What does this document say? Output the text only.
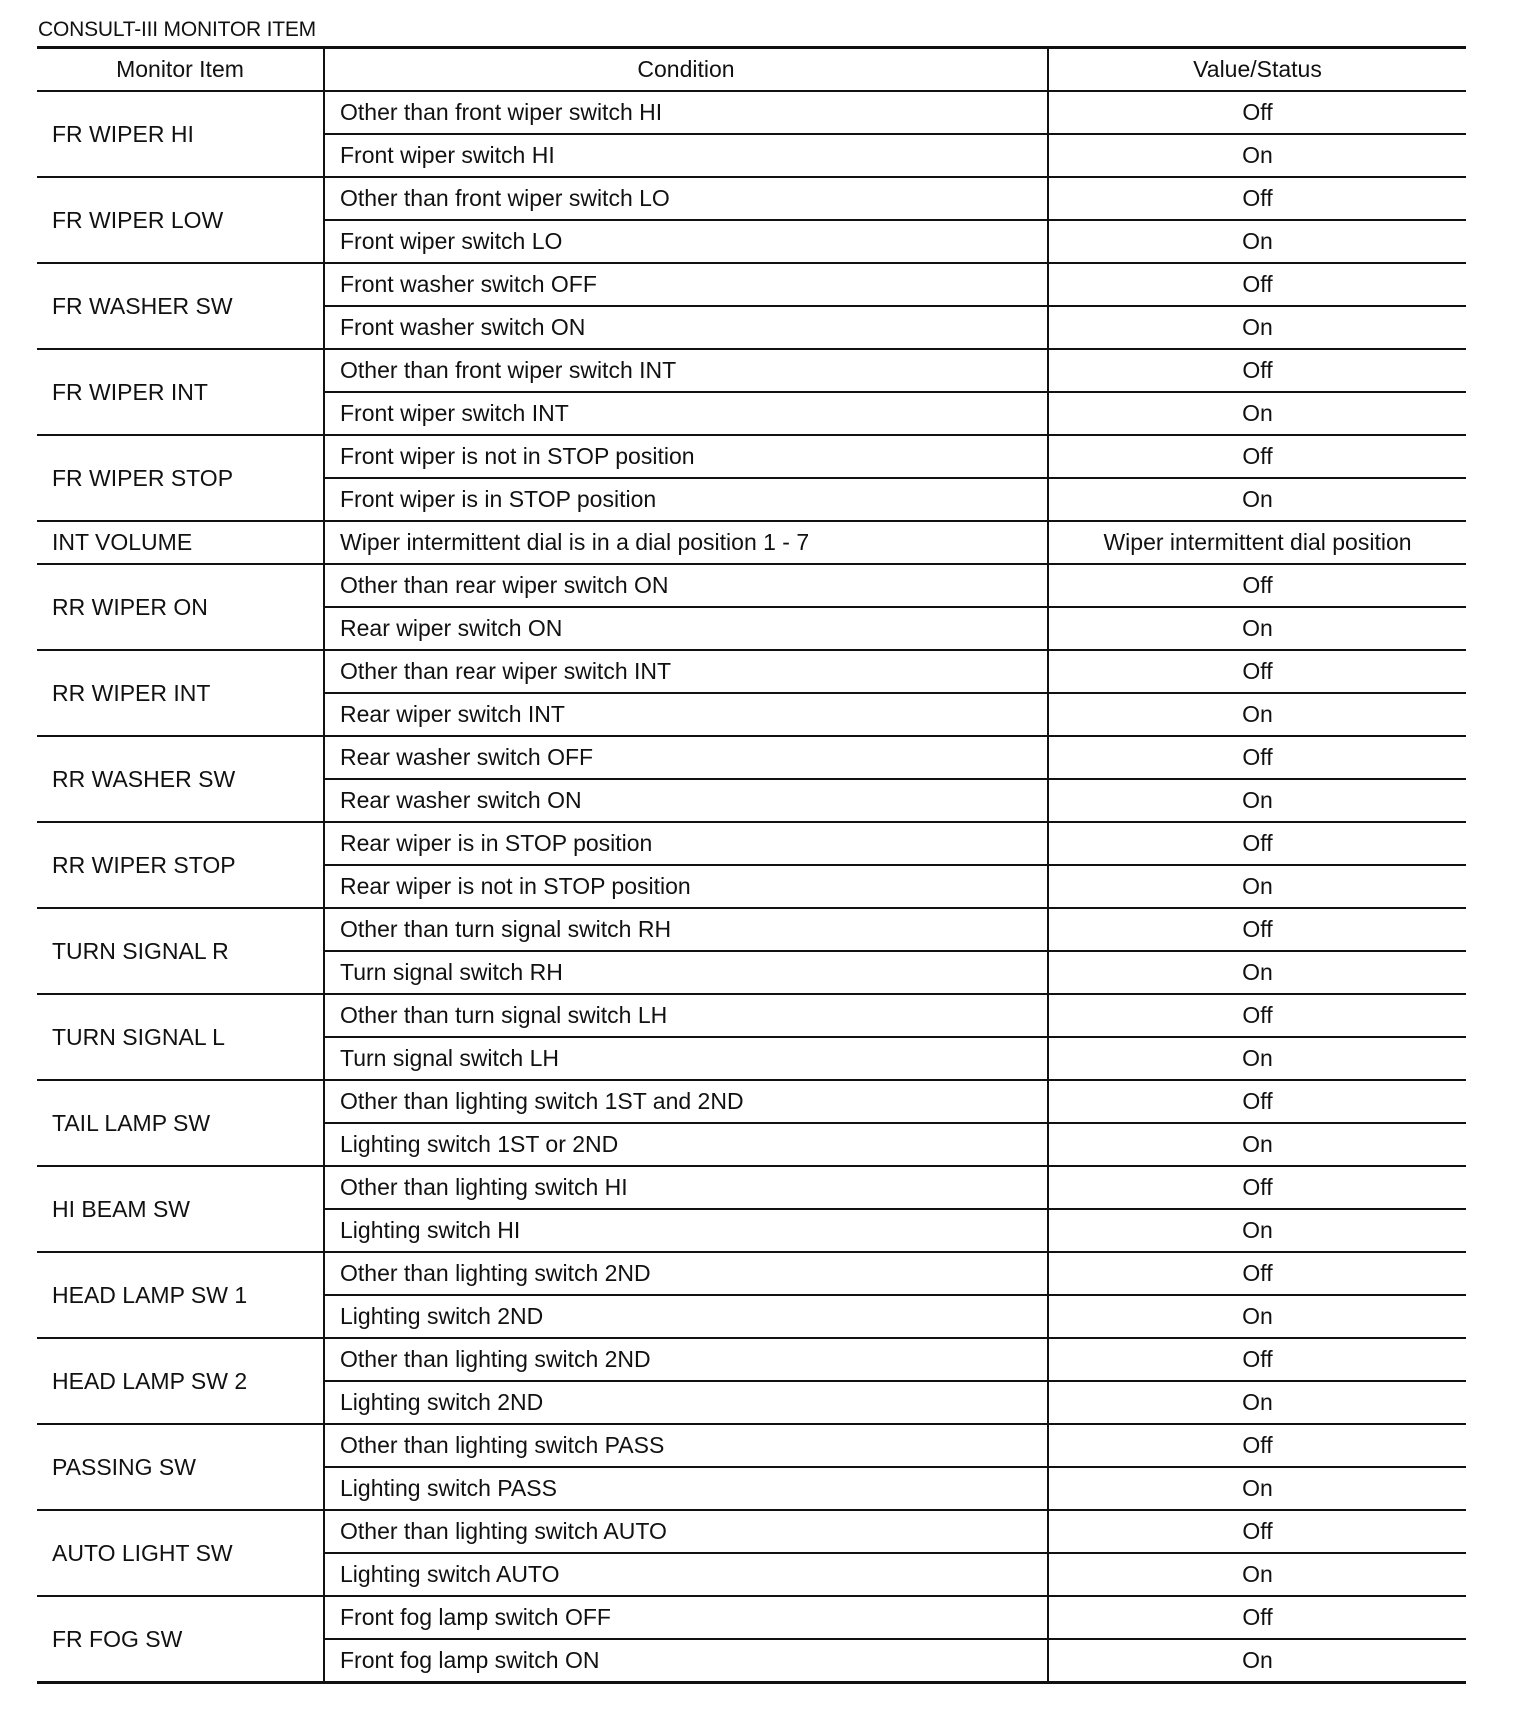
CONSULT-III MONITOR ITEM
Monitor Item	Condition	Value/Status
FR WIPER HI	Other than front wiper switch HI	Off
	Front wiper switch HI	On
FR WIPER LOW	Other than front wiper switch LO	Off
	Front wiper switch LO	On
FR WASHER SW	Front washer switch OFF	Off
	Front washer switch ON	On
FR WIPER INT	Other than front wiper switch INT	Off
	Front wiper switch INT	On
FR WIPER STOP	Front wiper is not in STOP position	Off
	Front wiper is in STOP position	On
INT VOLUME	Wiper intermittent dial is in a dial position 1 - 7	Wiper intermittent dial position
RR WIPER ON	Other than rear wiper switch ON	Off
	Rear wiper switch ON	On
RR WIPER INT	Other than rear wiper switch INT	Off
	Rear wiper switch INT	On
RR WASHER SW	Rear washer switch OFF	Off
	Rear washer switch ON	On
RR WIPER STOP	Rear wiper is in STOP position	Off
	Rear wiper is not in STOP position	On
TURN SIGNAL R	Other than turn signal switch RH	Off
	Turn signal switch RH	On
TURN SIGNAL L	Other than turn signal switch LH	Off
	Turn signal switch LH	On
TAIL LAMP SW	Other than lighting switch 1ST and 2ND	Off
	Lighting switch 1ST or 2ND	On
HI BEAM SW	Other than lighting switch HI	Off
	Lighting switch HI	On
HEAD LAMP SW 1	Other than lighting switch 2ND	Off
	Lighting switch 2ND	On
HEAD LAMP SW 2	Other than lighting switch 2ND	Off
	Lighting switch 2ND	On
PASSING SW	Other than lighting switch PASS	Off
	Lighting switch PASS	On
AUTO LIGHT SW	Other than lighting switch AUTO	Off
	Lighting switch AUTO	On
FR FOG SW	Front fog lamp switch OFF	Off
	Front fog lamp switch ON	On
